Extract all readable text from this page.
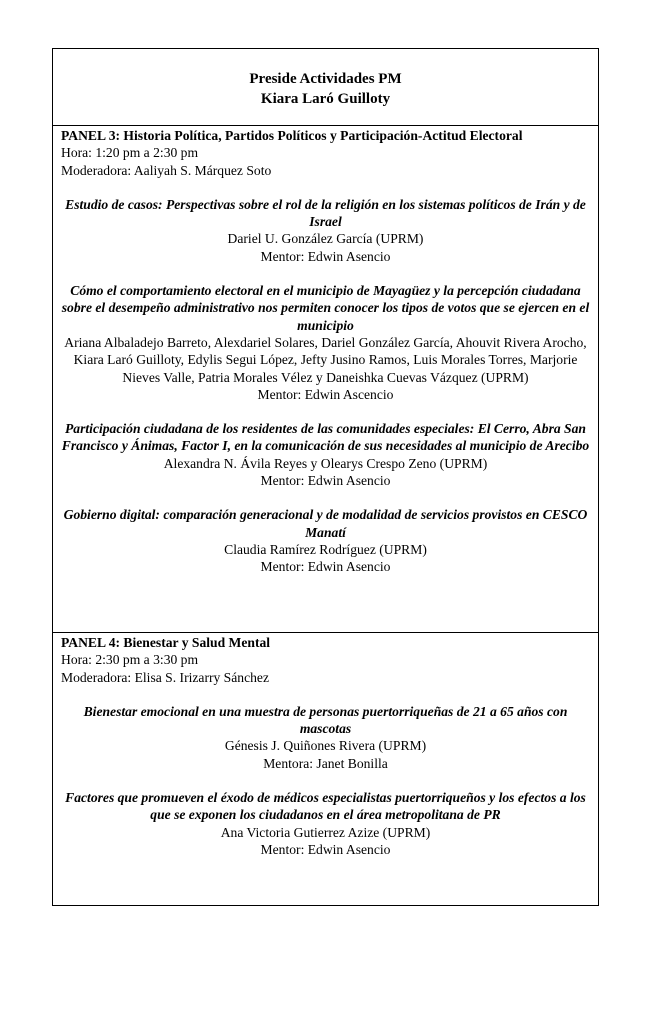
Preside Actividades PM
Kiara Laró Guilloty
PANEL 3: Historia Política, Partidos Políticos y Participación-Actitud Electoral
Hora: 1:20 pm a 2:30 pm
Moderadora: Aaliyah S. Márquez Soto
Estudio de casos: Perspectivas sobre el rol de la religión en los sistemas políticos de Irán y de Israel
Dariel U. González García (UPRM)
Mentor: Edwin Asencio
Cómo el comportamiento electoral en el municipio de Mayagüez y la percepción ciudadana sobre el desempeño administrativo nos permiten conocer los tipos de votos que se ejercen en el municipio
Ariana Albaladejo Barreto, Alexdariel Solares, Dariel González García, Ahouvit Rivera Arocho, Kiara Laró Guilloty, Edylis Segui López, Jefty Jusino Ramos, Luis Morales Torres, Marjorie Nieves Valle, Patria Morales Vélez y Daneishka Cuevas Vázquez (UPRM)
Mentor: Edwin Ascencio
Participación ciudadana de los residentes de las comunidades especiales: El Cerro, Abra San Francisco y Ánimas, Factor I, en la comunicación de sus necesidades al municipio de Arecibo
Alexandra N. Ávila Reyes y Olearys Crespo Zeno (UPRM)
Mentor: Edwin Asencio
Gobierno digital: comparación generacional y de modalidad de servicios provistos en CESCO Manatí
Claudia Ramírez Rodríguez (UPRM)
Mentor: Edwin Asencio
PANEL 4: Bienestar y Salud Mental
Hora: 2:30 pm a 3:30 pm
Moderadora: Elisa S. Irizarry Sánchez
Bienestar emocional en una muestra de personas puertorriqueñas de 21 a 65 años con mascotas
Génesis J. Quiñones Rivera (UPRM)
Mentora: Janet Bonilla
Factores que promueven el éxodo de médicos especialistas puertorriqueños y los efectos a los que se exponen los ciudadanos en el área metropolitana de PR
Ana Victoria Gutierrez Azize (UPRM)
Mentor: Edwin Asencio
